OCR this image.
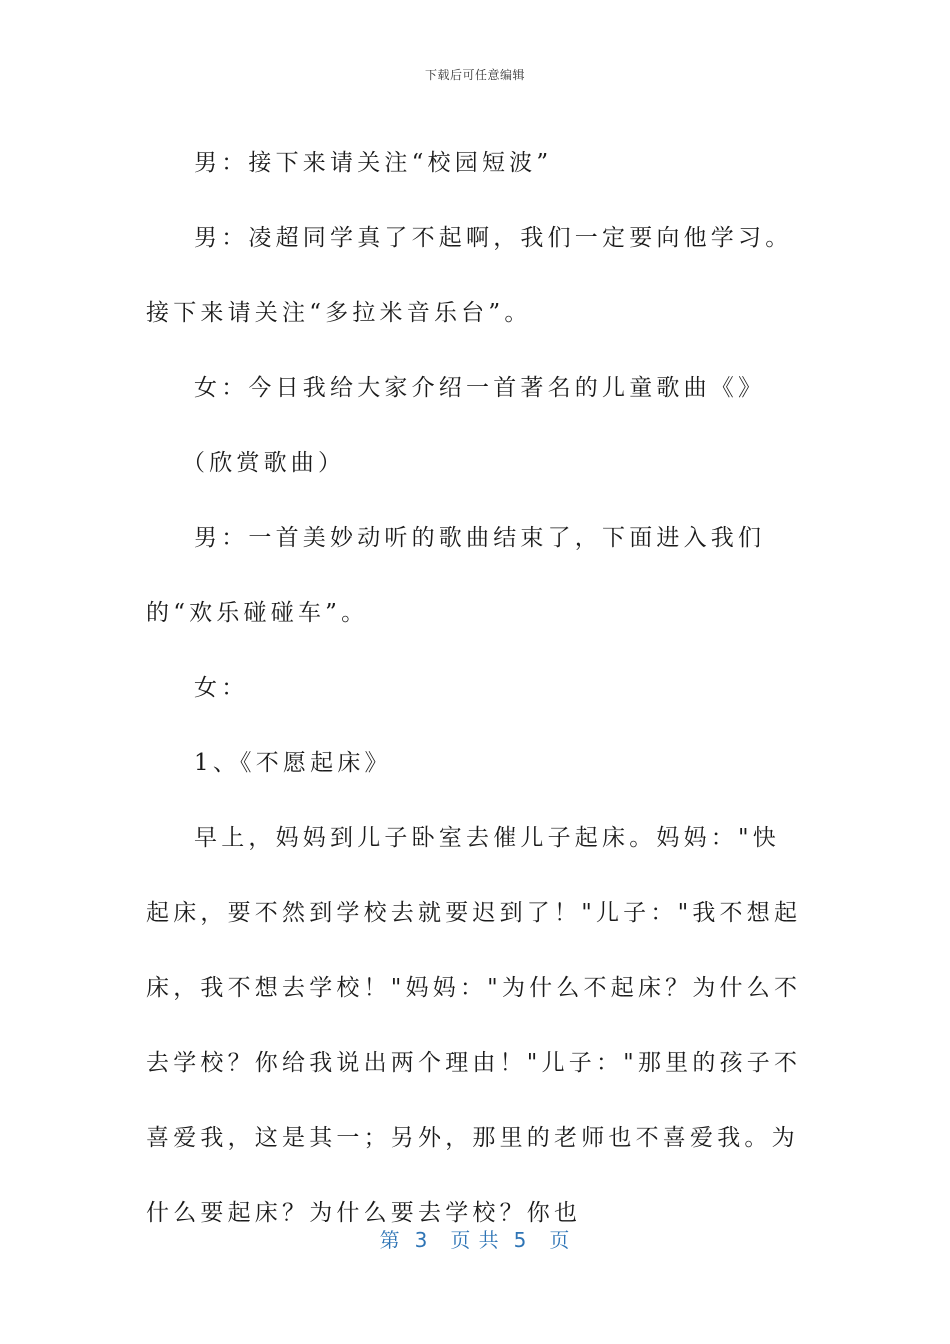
下载后可任意编辑

男：接下来请关注“校园短波”

男：凌超同学真了不起啊，我们一定要向他学习。接下来请关注“多拉米音乐台”。

女：今日我给大家介绍一首著名的儿童歌曲《》

（欣赏歌曲）

男：一首美妙动听的歌曲结束了，下面进入我们的“欢乐碰碰车”。

女：

1、《不愿起床》

早上，妈妈到儿子卧室去催儿子起床。妈妈："快起床，要不然到学校去就要迟到了！"儿子："我不想起床，我不想去学校！"妈妈："为什么不起床？为什么不去学校？你给我说出两个理由！"儿子："那里的孩子不喜爱我，这是其一；另外，那里的老师也不喜爱我。为什么要起床？为什么要去学校？你也

第 3 页 共 5 页
